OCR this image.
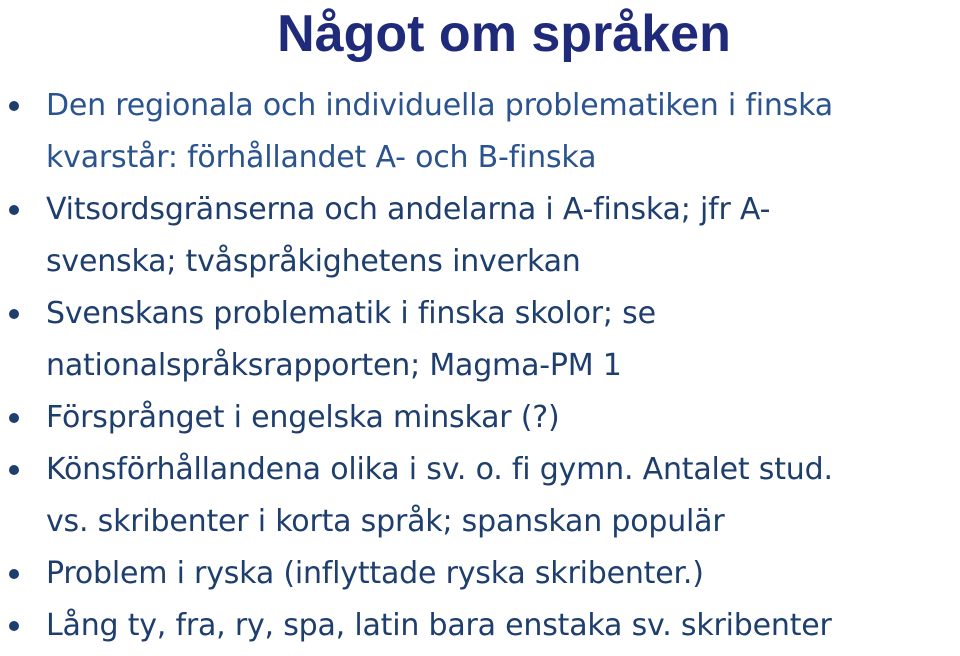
Något om språken
Den regionala och individuella problematiken i finska
kvarstår: förhållandet A- och B-finska
Vitsordsgränserna och andelarna i A-finska; jfr A-
svenska; tvåspråkighetens inverkan
Svenskans problematik i finska skolor; se
nationalspråksrapporten; Magma-PM 1
Försprånget i engelska minskar (?)
Könsförhållandena olika i sv. o. fi gymn. Antalet stud.
vs. skribenter i korta språk; spanskan populär
Problem i ryska (inflyttade ryska skribenter.)
Lång ty, fra, ry, spa, latin bara enstaka sv. skribenter
